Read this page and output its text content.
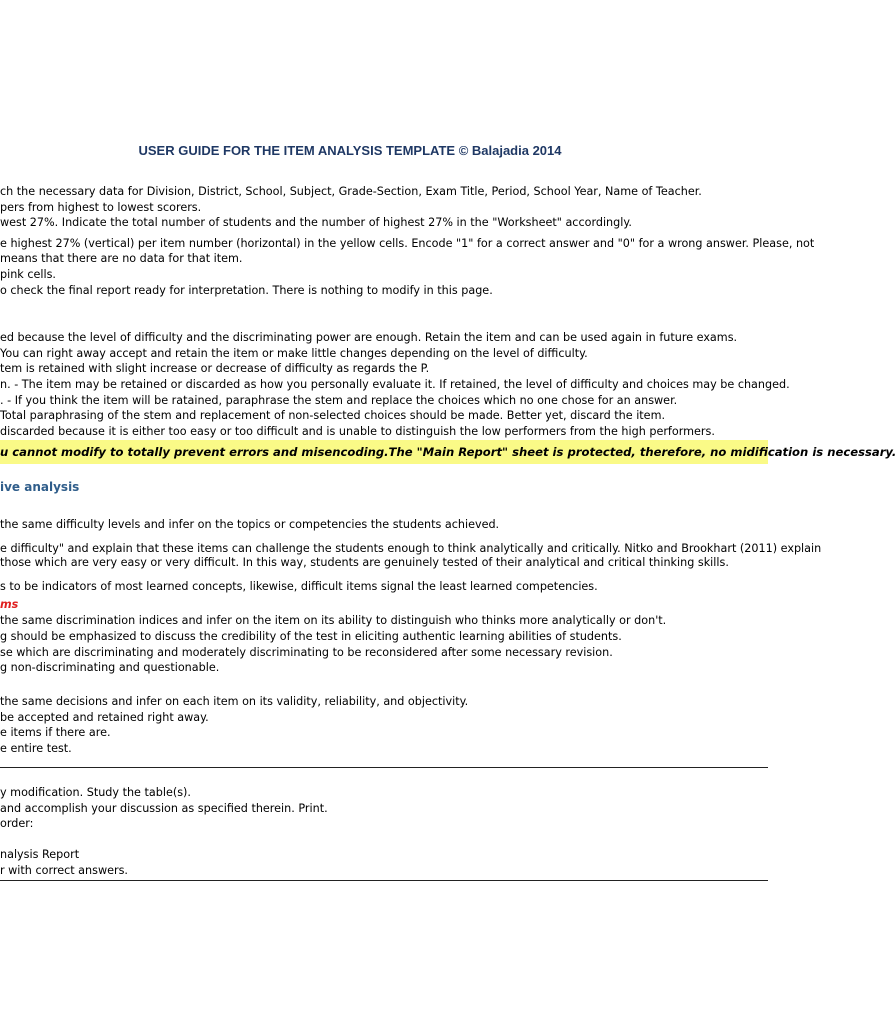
USER GUIDE FOR THE ITEM ANALYSIS TEMPLATE © Balajadia 2014
ch the necessary data for Division, District, School, Subject, Grade-Section, Exam Title, Period, School Year, Name of Teacher.
pers from highest to lowest scorers.
west 27%. Indicate the total number of students and the number of highest 27% in the "Worksheet" accordingly.
e highest 27% (vertical) per item number (horizontal) in the yellow cells. Encode "1" for a correct answer and "0" for a wrong answer. Please, not
means that there are no data for that item.
pink cells.
o check the final report ready for interpretation. There is nothing to modify in this page.
ed because the level of difficulty and the discriminating power are enough. Retain the item and can be used again in future exams.
You can right away accept and retain the item or make little changes depending on the level of difficulty.
tem is retained with slight increase or decrease of difficulty as regards the P.
n. - The item may be retained or discarded as how you personally evaluate it. If retained, the level of difficulty and choices may be changed.
. - If you think the item will be ratained, paraphrase the stem and replace the choices which no one chose for an answer.
Total paraphrasing of the stem and replacement of non-selected choices should be made. Better yet, discard the item.
discarded because it is either too easy or too difficult and is unable to distinguish the low performers from the high performers.
u cannot modify to totally prevent errors and misencoding.The "Main Report" sheet is protected, therefore, no midification is necessary.
ive analysis
the same difficulty levels and infer on the topics or competencies the students achieved.
e difficulty" and explain that these items can challenge the students enough to think analytically and critically. Nitko and Brookhart (2011) explain
those which are very easy or very difficult. In this way, students are genuinely tested of their analytical and critical thinking skills.
s to be indicators of most learned concepts, likewise, difficult items signal the least learned competencies.
ms
the same discrimination indices and infer on the item on its ability to distinguish who thinks more analytically or don't.
g should be emphasized to discuss the credibility of the test in eliciting authentic learning abilities of students.
se which are discriminating and moderately discriminating to be reconsidered after some necessary revision.
g non-discriminating and questionable.
the same decisions and infer on each item on its validity, reliability, and objectivity.
be accepted and retained right away.
e items if there are.
e entire test.
y modification. Study the table(s).
and accomplish your discussion as specified therein. Print.
order:
nalysis Report
r with correct answers.
